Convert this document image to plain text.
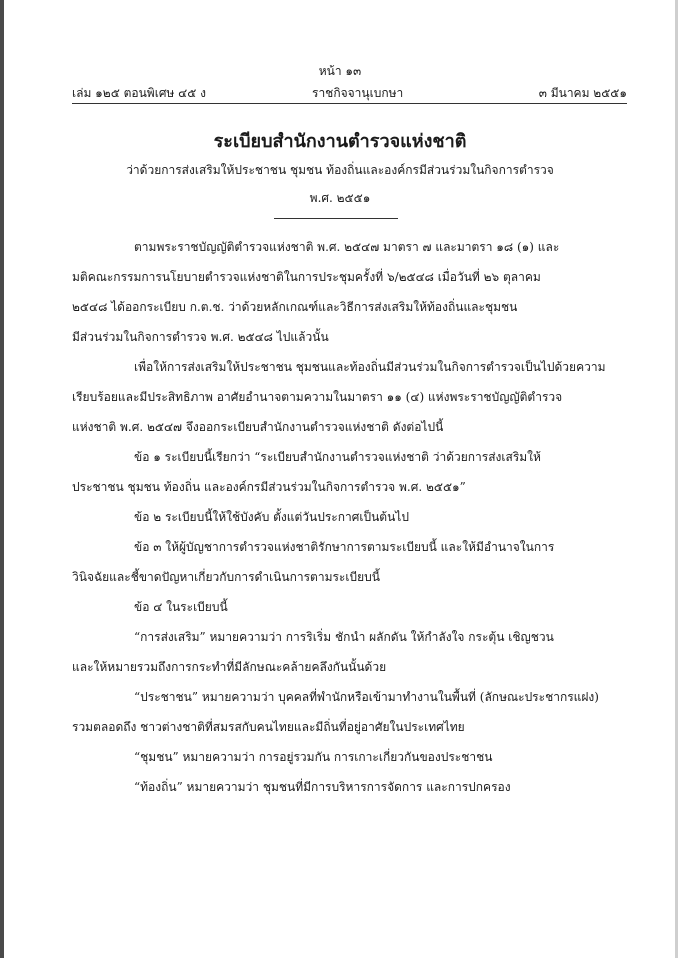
หน้า ๑๓
เล่ม ๑๒๕ ตอนพิเศษ ๔๕ ง	ราชกิจจานุเบกษา	๓ มีนาคม ๒๕๕๑
ระเบียบสำนักงานตำรวจแห่งชาติ
ว่าด้วยการส่งเสริมให้ประชาชน ชุมชน ท้องถิ่นและองค์กรมีส่วนร่วมในกิจการตำรวจ
พ.ศ. ๒๕๕๑

ตามพระราชบัญญัติตำรวจแห่งชาติ พ.ศ. ๒๕๔๗ มาตรา ๗ และมาตรา ๑๘ (๑) และ
มติคณะกรรมการนโยบายตำรวจแห่งชาติในการประชุมครั้งที่ ๖/๒๕๔๘ เมื่อวันที่ ๒๖ ตุลาคม
๒๕๔๘ ได้ออกระเบียบ ก.ต.ช. ว่าด้วยหลักเกณฑ์และวิธีการส่งเสริมให้ท้องถิ่นและชุมชน
มีส่วนร่วมในกิจการตำรวจ พ.ศ. ๒๕๔๘ ไปแล้วนั้น

เพื่อให้การส่งเสริมให้ประชาชน ชุมชนและท้องถิ่นมีส่วนร่วมในกิจการตำรวจเป็นไปด้วยความ
เรียบร้อยและมีประสิทธิภาพ อาศัยอำนาจตามความในมาตรา ๑๑ (๔) แห่งพระราชบัญญัติตำรวจ
แห่งชาติ พ.ศ. ๒๕๔๗ จึงออกระเบียบสำนักงานตำรวจแห่งชาติ ดังต่อไปนี้

ข้อ ๑ ระเบียบนี้เรียกว่า “ระเบียบสำนักงานตำรวจแห่งชาติ ว่าด้วยการส่งเสริมให้
ประชาชน ชุมชน ท้องถิ่น และองค์กรมีส่วนร่วมในกิจการตำรวจ พ.ศ. ๒๕๕๑”

ข้อ ๒ ระเบียบนี้ให้ใช้บังคับ ตั้งแต่วันประกาศเป็นต้นไป

ข้อ ๓ ให้ผู้บัญชาการตำรวจแห่งชาติรักษาการตามระเบียบนี้ และให้มีอำนาจในการ
วินิจฉัยและชี้ขาดปัญหาเกี่ยวกับการดำเนินการตามระเบียบนี้

ข้อ ๔ ในระเบียบนี้

“การส่งเสริม” หมายความว่า การริเริ่ม ชักนำ ผลักดัน ให้กำลังใจ กระตุ้น เชิญชวน
และให้หมายรวมถึงการกระทำที่มีลักษณะคล้ายคลึงกันนั้นด้วย

“ประชาชน” หมายความว่า บุคคลที่พำนักหรือเข้ามาทำงานในพื้นที่ (ลักษณะประชากรแฝง)
รวมตลอดถึง ชาวต่างชาติที่สมรสกับคนไทยและมีถิ่นที่อยู่อาศัยในประเทศไทย

“ชุมชน” หมายความว่า การอยู่รวมกัน การเกาะเกี่ยวกันของประชาชน

“ท้องถิ่น” หมายความว่า ชุมชนที่มีการบริหารการจัดการ และการปกครอง
